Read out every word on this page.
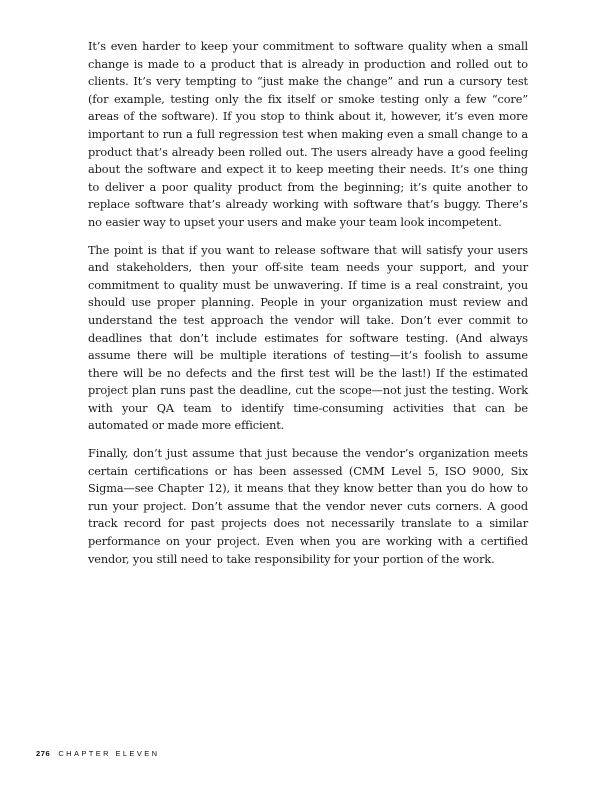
It’s even harder to keep your commitment to software quality when a small change is made to a product that is already in production and rolled out to clients. It’s very tempting to “just make the change” and run a cursory test (for example, testing only the fix itself or smoke testing only a few “core” areas of the software). If you stop to think about it, however, it’s even more important to run a full regression test when making even a small change to a product that’s already been rolled out. The users already have a good feeling about the software and expect it to keep meeting their needs. It’s one thing to deliver a poor quality product from the beginning; it’s quite another to replace software that’s already working with software that’s buggy. There’s no easier way to upset your users and make your team look incompetent.

The point is that if you want to release software that will satisfy your users and stakeholders, then your off-site team needs your support, and your commitment to quality must be unwavering. If time is a real constraint, you should use proper planning. People in your organization must review and understand the test approach the vendor will take. Don’t ever commit to deadlines that don’t include estimates for software testing. (And always assume there will be multiple iterations of testing—it’s foolish to assume there will be no defects and the first test will be the last!) If the estimated project plan runs past the deadline, cut the scope—not just the testing. Work with your QA team to identify time-consuming activities that can be automated or made more efficient.

Finally, don’t just assume that just because the vendor’s organization meets certain certifications or has been assessed (CMM Level 5, ISO 9000, Six Sigma—see Chapter 12), it means that they know better than you do how to run your project. Don’t assume that the vendor never cuts corners. A good track record for past projects does not necessarily translate to a similar performance on your project. Even when you are working with a certified vendor, you still need to take responsibility for your portion of the work.

276 CHAPTER ELEVEN
